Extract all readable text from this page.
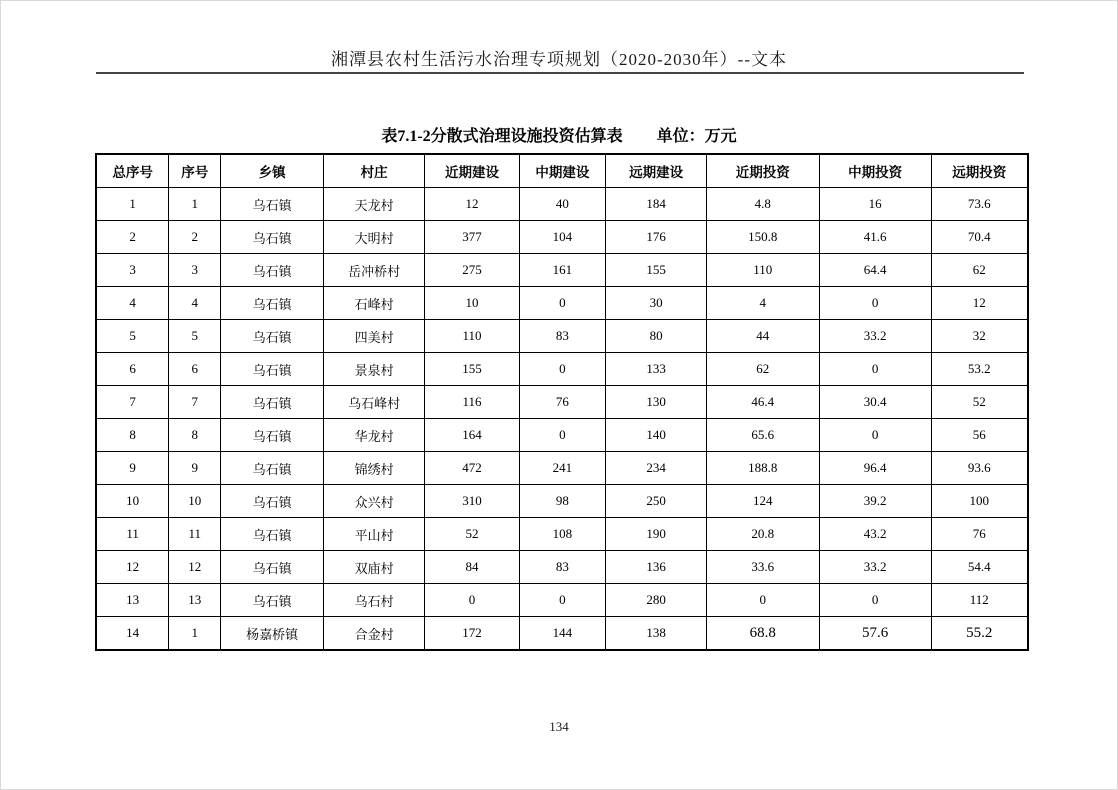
湘潭县农村生活污水治理专项规划（2020-2030年）--文本
表7.1-2分散式治理设施投资估算表 单位：万元
总序号	序号	乡镇	村庄	近期建设	中期建设	远期建设	近期投资	中期投资	远期投资
1	1	乌石镇	天龙村	12	40	184	4.8	16	73.6
2	2	乌石镇	大明村	377	104	176	150.8	41.6	70.4
3	3	乌石镇	岳冲桥村	275	161	155	110	64.4	62
4	4	乌石镇	石峰村	10	0	30	4	0	12
5	5	乌石镇	四美村	110	83	80	44	33.2	32
6	6	乌石镇	景泉村	155	0	133	62	0	53.2
7	7	乌石镇	乌石峰村	116	76	130	46.4	30.4	52
8	8	乌石镇	华龙村	164	0	140	65.6	0	56
9	9	乌石镇	锦绣村	472	241	234	188.8	96.4	93.6
10	10	乌石镇	众兴村	310	98	250	124	39.2	100
11	11	乌石镇	平山村	52	108	190	20.8	43.2	76
12	12	乌石镇	双庙村	84	83	136	33.6	33.2	54.4
13	13	乌石镇	乌石村	0	0	280	0	0	112
14	1	杨嘉桥镇	合金村	172	144	138	68.8	57.6	55.2
134
